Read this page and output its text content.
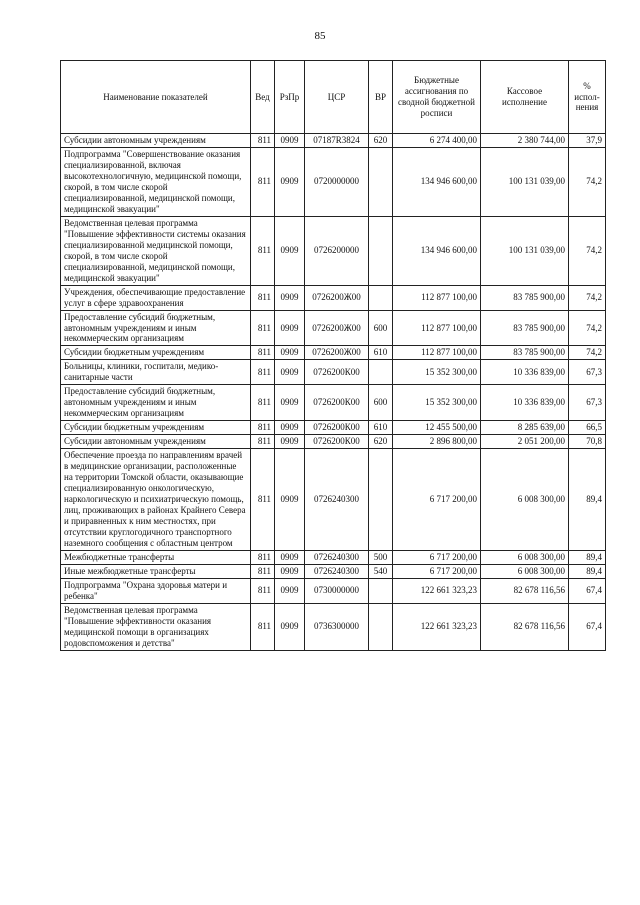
85
Наименование показателей	Вед	РзПр	ЦСР	ВР	Бюджетные ассигнования по сводной бюджетной росписи	Кассовое исполнение	% испол-нения
Субсидии автономным учреждениям	811	0909	07187R3824	620	6 274 400,00	2 380 744,00	37,9
Подпрограмма "Совершенствование оказания специализированной, включая высокотехнологичную, медицинской помощи, скорой, в том числе скорой специализированной, медицинской помощи, медицинской эвакуации"	811	0909	0720000000		134 946 600,00	100 131 039,00	74,2
Ведомственная целевая программа "Повышение эффективности системы оказания специализированной медицинской помощи, скорой, в том числе скорой специализированной, медицинской помощи, медицинской эвакуации"	811	0909	0726200000		134 946 600,00	100 131 039,00	74,2
Учреждения, обеспечивающие предоставление услуг в сфере здравоохранения	811	0909	0726200Ж00		112 877 100,00	83 785 900,00	74,2
Предоставление субсидий бюджетным, автономным учреждениям и иным некоммерческим организациям	811	0909	0726200Ж00	600	112 877 100,00	83 785 900,00	74,2
Субсидии бюджетным учреждениям	811	0909	0726200Ж00	610	112 877 100,00	83 785 900,00	74,2
Больницы, клиники, госпитали, медико-санитарные части	811	0909	0726200К00		15 352 300,00	10 336 839,00	67,3
Предоставление субсидий бюджетным, автономным учреждениям и иным некоммерческим организациям	811	0909	0726200К00	600	15 352 300,00	10 336 839,00	67,3
Субсидии бюджетным учреждениям	811	0909	0726200К00	610	12 455 500,00	8 285 639,00	66,5
Субсидии автономным учреждениям	811	0909	0726200К00	620	2 896 800,00	2 051 200,00	70,8
Обеспечение проезда по направлениям врачей в медицинские организации, расположенные на территории Томской области, оказывающие специализированную онкологическую, наркологическую и психиатрическую помощь, лиц, проживающих в районах Крайнего Севера и приравненных к ним местностях, при отсутствии круглогодичного транспортного наземного сообщения с областным центром	811	0909	0726240300		6 717 200,00	6 008 300,00	89,4
Межбюджетные трансферты	811	0909	0726240300	500	6 717 200,00	6 008 300,00	89,4
Иные межбюджетные трансферты	811	0909	0726240300	540	6 717 200,00	6 008 300,00	89,4
Подпрограмма "Охрана здоровья матери и ребенка"	811	0909	0730000000		122 661 323,23	82 678 116,56	67,4
Ведомственная целевая программа "Повышение эффективности оказания медицинской помощи в организациях родовспоможения и детства"	811	0909	0736300000		122 661 323,23	82 678 116,56	67,4
